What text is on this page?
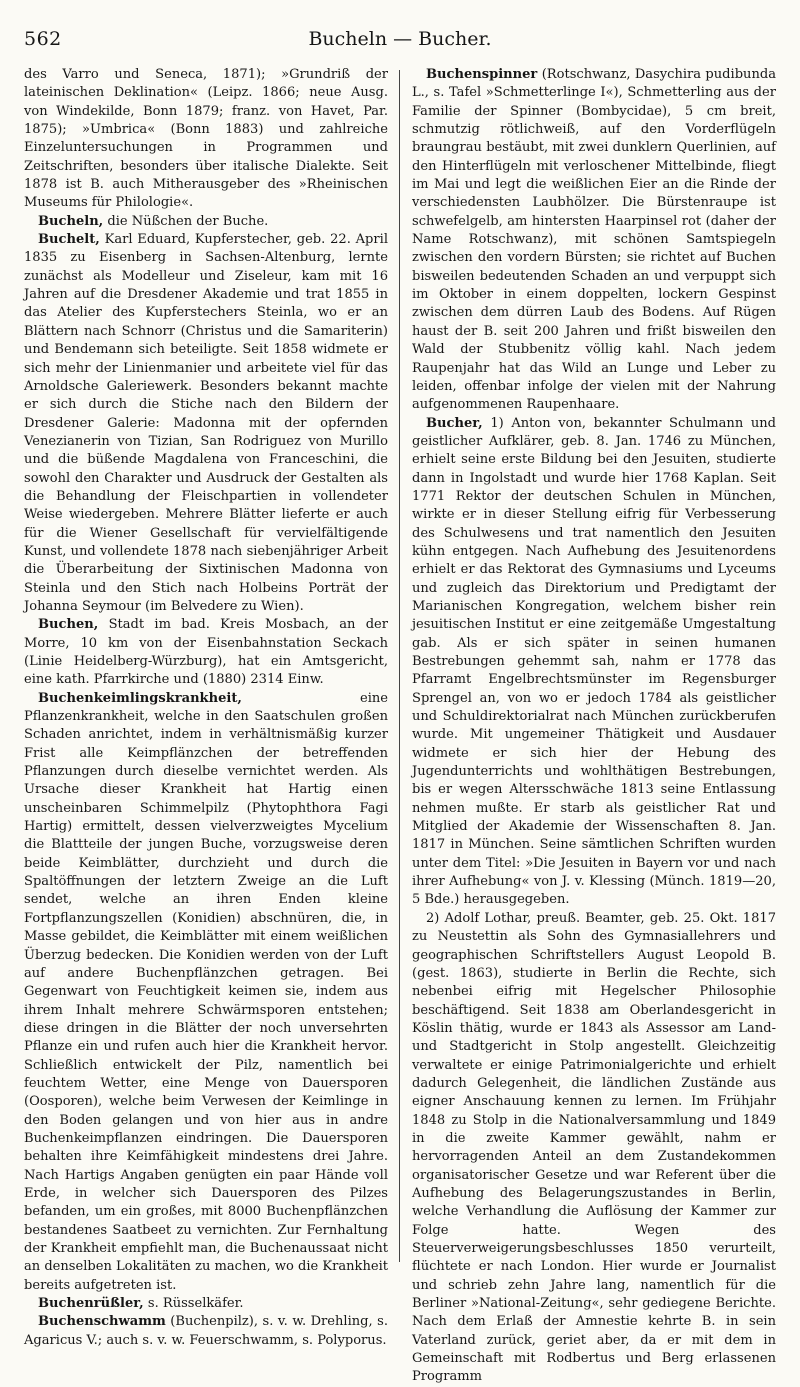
562	Bucheln — Bucher.

des Varro und Seneca, 1871); »Grundriß der lateinischen Deklination« (Leipz. 1866; neue Ausg. von Windekilde, Bonn 1879; franz. von Havet, Par. 1875); »Umbrica« (Bonn 1883) und zahlreiche Einzeluntersuchungen in Programmen und Zeitschriften, besonders über italische Dialekte. Seit 1878 ist B. auch Mitherausgeber des »Rheinischen Museums für Philologie«.

Bucheln, die Nüßchen der Buche.

Buchelt, Karl Eduard, Kupferstecher, geb. 22. April 1835 zu Eisenberg in Sachsen-Altenburg, lernte zunächst als Modelleur und Ziseleur, kam mit 16 Jahren auf die Dresdener Akademie und trat 1855 in das Atelier des Kupferstechers Steinla, wo er an Blättern nach Schnorr (Christus und die Samariterin) und Bendemann sich beteiligte. Seit 1858 widmete er sich mehr der Linienmanier und arbeitete viel für das Arnoldsche Galeriewerk. Besonders bekannt machte er sich durch die Stiche nach den Bildern der Dresdener Galerie: Madonna mit der opfernden Venezianerin von Tizian, San Rodriguez von Murillo und die büßende Magdalena von Franceschini, die sowohl den Charakter und Ausdruck der Gestalten als die Behandlung der Fleischpartien in vollendeter Weise wiedergeben. Mehrere Blätter lieferte er auch für die Wiener Gesellschaft für vervielfältigende Kunst, und vollendete 1878 nach siebenjähriger Arbeit die Überarbeitung der Sixtinischen Madonna von Steinla und den Stich nach Holbeins Porträt der Johanna Seymour (im Belvedere zu Wien).

Buchen, Stadt im bad. Kreis Mosbach, an der Morre, 10 km von der Eisenbahnstation Seckach (Linie Heidelberg-Würzburg), hat ein Amtsgericht, eine kath. Pfarrkirche und (1880) 2314 Einw.

Buchenkeimlingskrankheit, eine Pflanzenkrankheit, welche in den Saatschulen großen Schaden anrichtet, indem in verhältnismäßig kurzer Frist alle Keimpflänzchen der betreffenden Pflanzungen durch dieselbe vernichtet werden. Als Ursache dieser Krankheit hat Hartig einen unscheinbaren Schimmelpilz (Phytophthora Fagi Hartig) ermittelt, dessen vielverzweigtes Mycelium die Blattteile der jungen Buche, vorzugsweise deren beide Keimblätter, durchzieht und durch die Spaltöffnungen der letztern Zweige an die Luft sendet, welche an ihren Enden kleine Fortpflanzungszellen (Konidien) abschnüren, die, in Masse gebildet, die Keimblätter mit einem weißlichen Überzug bedecken. Die Konidien werden von der Luft auf andere Buchenpflänzchen getragen. Bei Gegenwart von Feuchtigkeit keimen sie, indem aus ihrem Inhalt mehrere Schwärmsporen entstehen; diese dringen in die Blätter der noch unversehrten Pflanze ein und rufen auch hier die Krankheit hervor. Schließlich entwickelt der Pilz, namentlich bei feuchtem Wetter, eine Menge von Dauersporen (Oosporen), welche beim Verwesen der Keimlinge in den Boden gelangen und von hier aus in andre Buchenkeimpflanzen eindringen. Die Dauersporen behalten ihre Keimfähigkeit mindestens drei Jahre. Nach Hartigs Angaben genügten ein paar Hände voll Erde, in welcher sich Dauersporen des Pilzes befanden, um ein großes, mit 8000 Buchenpflänzchen bestandenes Saatbeet zu vernichten. Zur Fernhaltung der Krankheit empfiehlt man, die Buchenaussaat nicht an denselben Lokalitäten zu machen, wo die Krankheit bereits aufgetreten ist.

Buchenrüßler, s. Rüsselkäfer.

Buchenschwamm (Buchenpilz), s. v. w. Drehling, s. Agaricus V.; auch s. v. w. Feuerschwamm, s. Polyporus.

Buchenspinner (Rotschwanz, Dasychira pudibunda L., s. Tafel »Schmetterlinge I«), Schmetterling aus der Familie der Spinner (Bombycidae), 5 cm breit, schmutzig rötlichweiß, auf den Vorderflügeln braungrau bestäubt, mit zwei dunklern Querlinien, auf den Hinterflügeln mit verloschener Mittelbinde, fliegt im Mai und legt die weißlichen Eier an die Rinde der verschiedensten Laubhölzer. Die Bürstenraupe ist schwefelgelb, am hintersten Haarpinsel rot (daher der Name Rotschwanz), mit schönen Samtspiegeln zwischen den vordern Bürsten; sie richtet auf Buchen bisweilen bedeutenden Schaden an und verpuppt sich im Oktober in einem doppelten, lockern Gespinst zwischen dem dürren Laub des Bodens. Auf Rügen haust der B. seit 200 Jahren und frißt bisweilen den Wald der Stubbenitz völlig kahl. Nach jedem Raupenjahr hat das Wild an Lunge und Leber zu leiden, offenbar infolge der vielen mit der Nahrung aufgenommenen Raupenhaare.

Bucher, 1) Anton von, bekannter Schulmann und geistlicher Aufklärer, geb. 8. Jan. 1746 zu München, erhielt seine erste Bildung bei den Jesuiten, studierte dann in Ingolstadt und wurde hier 1768 Kaplan. Seit 1771 Rektor der deutschen Schulen in München, wirkte er in dieser Stellung eifrig für Verbesserung des Schulwesens und trat namentlich den Jesuiten kühn entgegen. Nach Aufhebung des Jesuitenordens erhielt er das Rektorat des Gymnasiums und Lyceums und zugleich das Direktorium und Predigtamt der Marianischen Kongregation, welchem bisher rein jesuitischen Institut er eine zeitgemäße Umgestaltung gab. Als er sich später in seinen humanen Bestrebungen gehemmt sah, nahm er 1778 das Pfarramt Engelbrechtsmünster im Regensburger Sprengel an, von wo er jedoch 1784 als geistlicher und Schuldirektorialrat nach München zurückberufen wurde. Mit ungemeiner Thätigkeit und Ausdauer widmete er sich hier der Hebung des Jugendunterrichts und wohlthätigen Bestrebungen, bis er wegen Altersschwäche 1813 seine Entlassung nehmen mußte. Er starb als geistlicher Rat und Mitglied der Akademie der Wissenschaften 8. Jan. 1817 in München. Seine sämtlichen Schriften wurden unter dem Titel: »Die Jesuiten in Bayern vor und nach ihrer Aufhebung« von J. v. Klessing (Münch. 1819—20, 5 Bde.) herausgegeben.

2) Adolf Lothar, preuß. Beamter, geb. 25. Okt. 1817 zu Neustettin als Sohn des Gymnasiallehrers und geographischen Schriftstellers August Leopold B. (gest. 1863), studierte in Berlin die Rechte, sich nebenbei eifrig mit Hegelscher Philosophie beschäftigend. Seit 1838 am Oberlandesgericht in Köslin thätig, wurde er 1843 als Assessor am Land- und Stadtgericht in Stolp angestellt. Gleichzeitig verwaltete er einige Patrimonialgerichte und erhielt dadurch Gelegenheit, die ländlichen Zustände aus eigner Anschauung kennen zu lernen. Im Frühjahr 1848 zu Stolp in die Nationalversammlung und 1849 in die zweite Kammer gewählt, nahm er hervorragenden Anteil an dem Zustandekommen organisatorischer Gesetze und war Referent über die Aufhebung des Belagerungszustandes in Berlin, welche Verhandlung die Auflösung der Kammer zur Folge hatte. Wegen des Steuerverweigerungsbeschlusses 1850 verurteilt, flüchtete er nach London. Hier wurde er Journalist und schrieb zehn Jahre lang, namentlich für die Berliner »National-Zeitung«, sehr gediegene Berichte. Nach dem Erlaß der Amnestie kehrte B. in sein Vaterland zurück, geriet aber, da er mit dem in Gemeinschaft mit Rodbertus und Berg erlassenen Programm
